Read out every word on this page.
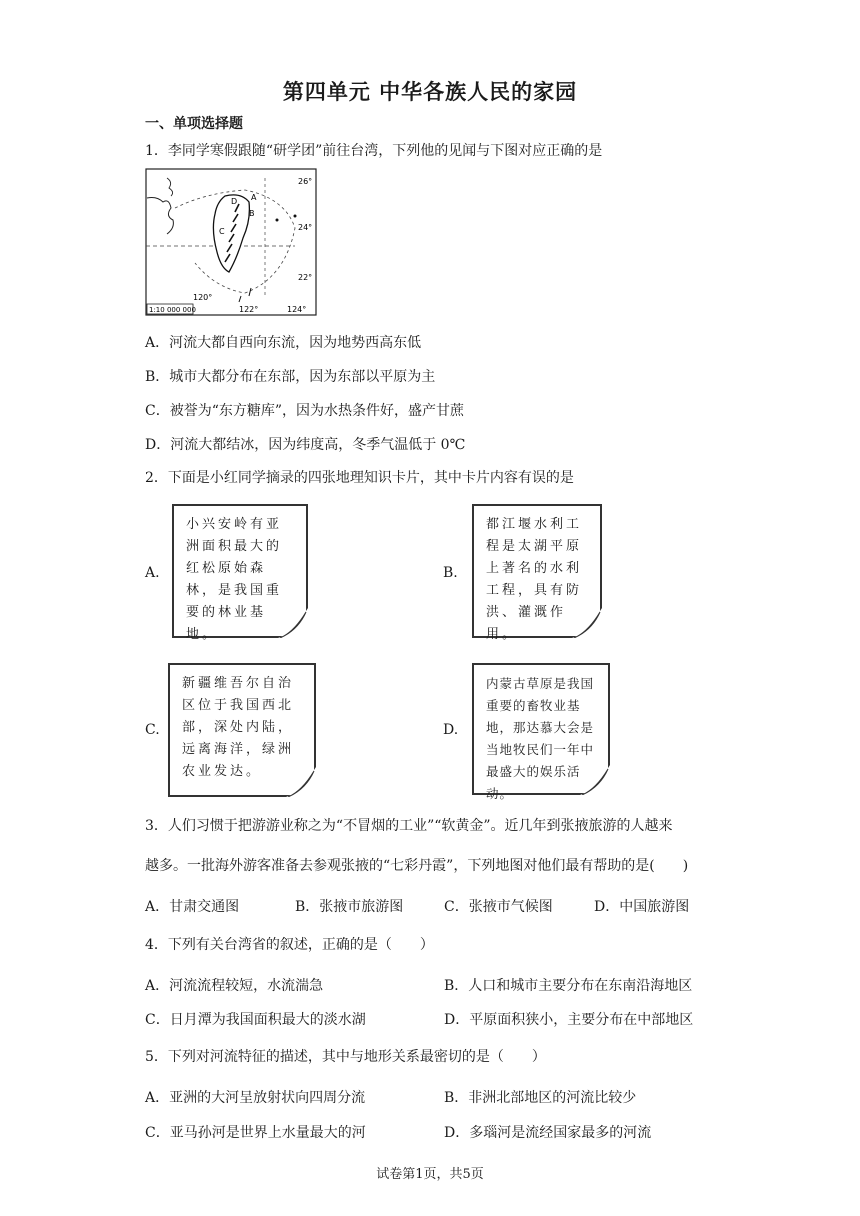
第四单元 中华各族人民的家园
一、单项选择题
1．李同学寒假跟随“研学团”前往台湾，下列他的见闻与下图对应正确的是
26°
24°
22°
120°
122°	124°
D A
B
C
1:10 000 000
A．河流大都自西向东流，因为地势西高东低
B．城市大都分布在东部，因为东部以平原为主
C．被誉为“东方糖库”，因为水热条件好，盛产甘蔗
D．河流大都结冰，因为纬度高，冬季气温低于 0℃
2．下面是小红同学摘录的四张地理知识卡片，其中卡片内容有误的是
A.
小兴安岭有亚洲面积最大的红松原始森林，是我国重要的林业基地。
B.
都江堰水利工程是太湖平原上著名的水利工程，具有防洪、灌溉作用。
C.
新疆维吾尔自治区位于我国西北部，深处内陆，远离海洋，绿洲农业发达。
D.
内蒙古草原是我国重要的畜牧业基地，那达慕大会是当地牧民们一年中最盛大的娱乐活动。
3．人们习惯于把游游业称之为“不冒烟的工业”“软黄金”。近几年到张掖旅游的人越来
越多。一批海外游客准备去参观张掖的“七彩丹霞”，下列地图对他们最有帮助的是(　　)
A．甘肃交通图	B．张掖市旅游图	C．张掖市气候图	D．中国旅游图
4．下列有关台湾省的叙述，正确的是（　　）
A．河流流程较短，水流湍急	B．人口和城市主要分布在东南沿海地区
C．日月潭为我国面积最大的淡水湖	D．平原面积狭小，主要分布在中部地区
5．下列对河流特征的描述，其中与地形关系最密切的是（　　）
A．亚洲的大河呈放射状向四周分流	B．非洲北部地区的河流比较少
C．亚马孙河是世界上水量最大的河	D．多瑙河是流经国家最多的河流
试卷第1页，共5页
